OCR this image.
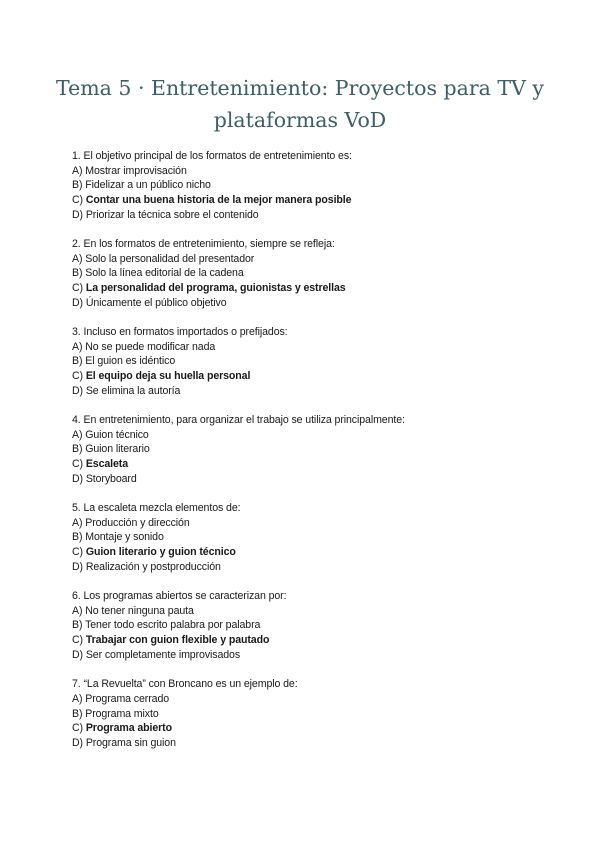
Tema 5 · Entretenimiento: Proyectos para TV y plataformas VoD
1. El objetivo principal de los formatos de entretenimiento es:
A) Mostrar improvisación
B) Fidelizar a un público nicho
C) Contar una buena historia de la mejor manera posible
D) Priorizar la técnica sobre el contenido
2. En los formatos de entretenimiento, siempre se refleja:
A) Solo la personalidad del presentador
B) Solo la línea editorial de la cadena
C) La personalidad del programa, guionistas y estrellas
D) Únicamente el público objetivo
3. Incluso en formatos importados o prefijados:
A) No se puede modificar nada
B) El guion es idéntico
C) El equipo deja su huella personal
D) Se elimina la autoría
4. En entretenimiento, para organizar el trabajo se utiliza principalmente:
A) Guion técnico
B) Guion literario
C) Escaleta
D) Storyboard
5. La escaleta mezcla elementos de:
A) Producción y dirección
B) Montaje y sonido
C) Guion literario y guion técnico
D) Realización y postproducción
6. Los programas abiertos se caracterizan por:
A) No tener ninguna pauta
B) Tener todo escrito palabra por palabra
C) Trabajar con guion flexible y pautado
D) Ser completamente improvisados
7. “La Revuelta” con Broncano es un ejemplo de:
A) Programa cerrado
B) Programa mixto
C) Programa abierto
D) Programa sin guion
